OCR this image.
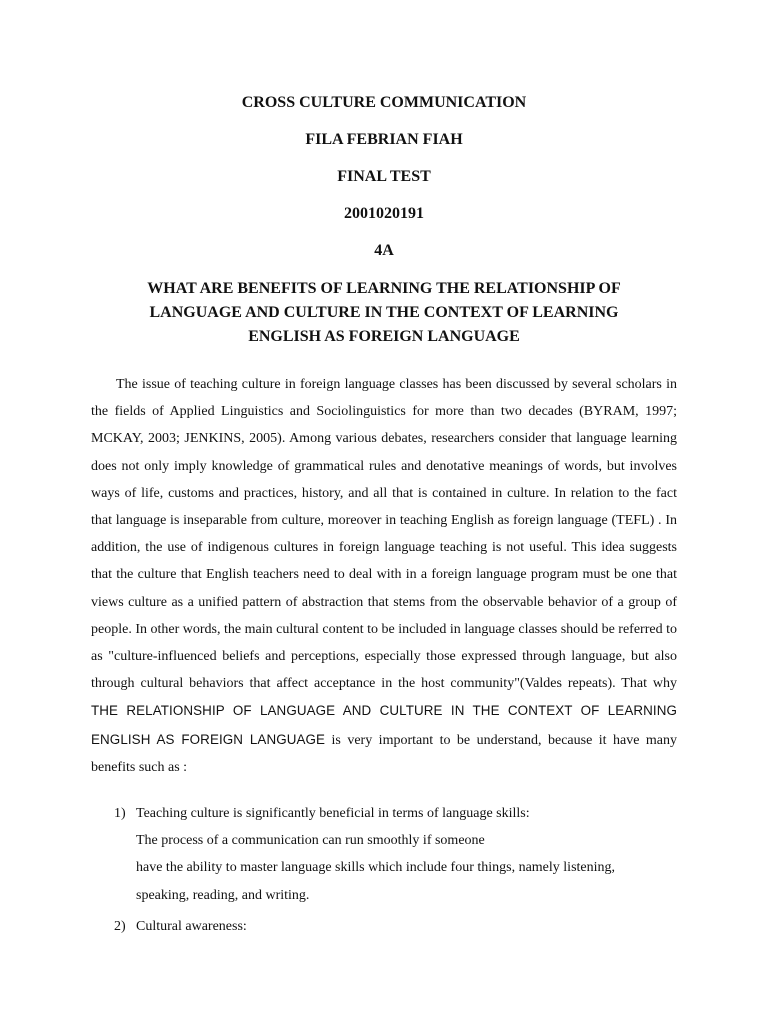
CROSS CULTURE COMMUNICATION
FILA FEBRIAN FIAH
FINAL TEST
2001020191
4A
WHAT ARE BENEFITS OF LEARNING THE RELATIONSHIP OF
LANGUAGE AND CULTURE IN THE CONTEXT OF LEARNING
ENGLISH AS FOREIGN LANGUAGE

The issue of teaching culture in foreign language classes has been discussed by several scholars in the fields of Applied Linguistics and Sociolinguistics for more than two decades (BYRAM, 1997; MCKAY, 2003; JENKINS, 2005). Among various debates, researchers consider that language learning does not only imply knowledge of grammatical rules and denotative meanings of words, but involves ways of life, customs and practices, history, and all that is contained in culture. In relation to the fact that language is inseparable from culture, moreover in teaching English as foreign language (TEFL) . In addition, the use of indigenous cultures in foreign language teaching is not useful. This idea suggests that the culture that English teachers need to deal with in a foreign language program must be one that views culture as a unified pattern of abstraction that stems from the observable behavior of a group of people. In other words, the main cultural content to be included in language classes should be referred to as "culture-influenced beliefs and perceptions, especially those expressed through language, but also through cultural behaviors that affect acceptance in the host community"(Valdes repeats). That why THE RELATIONSHIP OF LANGUAGE AND CULTURE IN THE CONTEXT OF LEARNING ENGLISH AS FOREIGN LANGUAGE is very important to be understand, because it have many benefits such as :

1) Teaching culture is significantly beneficial in terms of language skills:
The process of a communication can run smoothly if someone
have the ability to master language skills which include four things, namely listening,
speaking, reading, and writing.
2) Cultural awareness:
